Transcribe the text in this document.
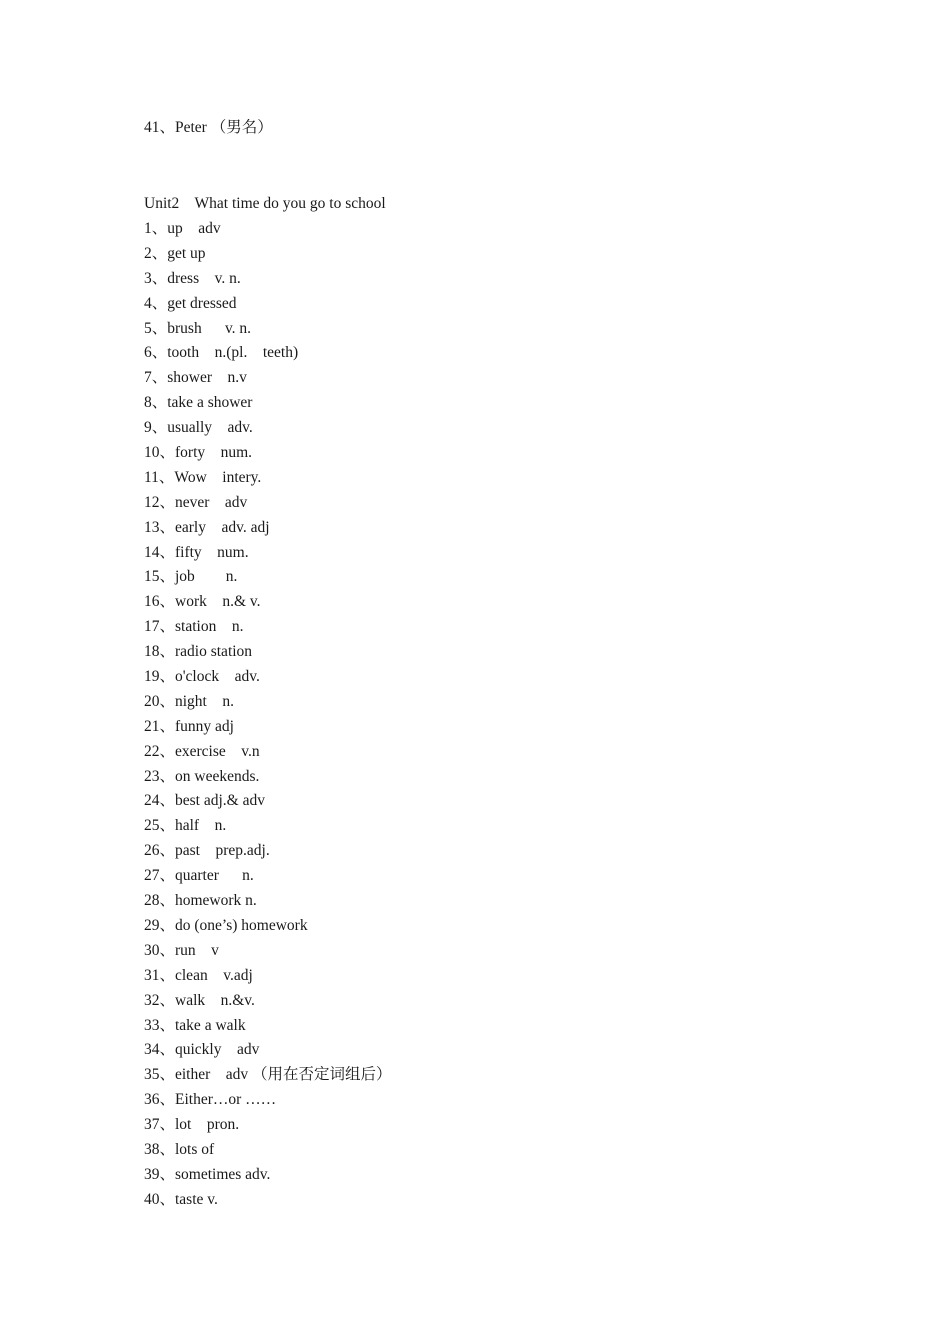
41、Peter （男名）
Unit2    What time do you go to school
1、up    adv
2、get up
3、dress    v. n.
4、get dressed
5、brush      v. n.
6、tooth    n.(pl.    teeth)
7、shower    n.v
8、take a shower
9、usually    adv.
10、forty    num.
11、Wow    intery.
12、never    adv
13、early    adv. adj
14、fifty    num.
15、job        n.
16、work    n.& v.
17、station    n.
18、radio station
19、o'clock    adv.
20、night    n.
21、funny adj
22、exercise    v.n
23、on weekends.
24、best adj.& adv
25、half    n.
26、past    prep.adj.
27、quarter      n.
28、homework n.
29、do (one’s) homework
30、run    v
31、clean    v.adj
32、walk    n.&v.
33、take a walk
34、quickly    adv
35、either    adv （用在否定词组后）
36、Either…or ……
37、lot    pron.
38、lots of
39、sometimes adv.
40、taste v.
